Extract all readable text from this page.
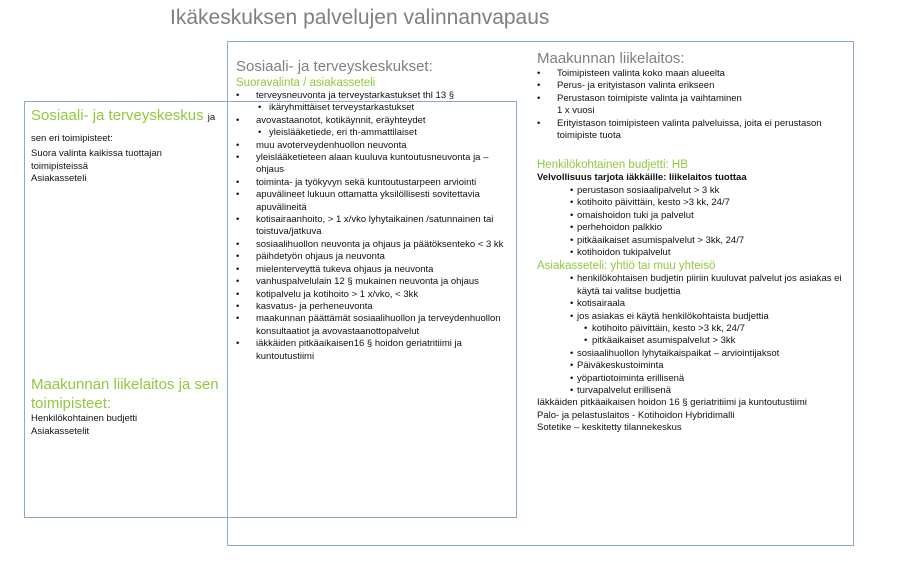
Ikäkeskuksen palvelujen valinnanvapaus
Sosiaali- ja terveyskeskus ja sen eri toimipisteet:
Suora valinta kaikissa tuottajan toimipisteissä
Asiakasseteli
Maakunnan liikelaitos ja sen toimipisteet:
Henkilökohtainen budjetti
Asiakassetelit
Sosiaali- ja terveyskeskukset:
Suoravalinta / asiakasseteli
• terveysneuvonta ja terveystarkastukset thl 13 §
• ikäryhmittäiset terveystarkastukset
• avovastaanotot, kotikäynnit, eräyhteydet
• yleislääketiede, eri th-ammattilaiset
• muu avoterveydenhuollon neuvonta
• yleislääketieteen alaan kuuluva kuntoutusneuvonta ja –ohjaus
• toiminta- ja työkyvyn sekä kuntoutustarpeen arviointi
• apuvälineet lukuun ottamatta yksilöllisesti sovitettavia apuvälineitä
• kotisairaanhoito, > 1 x/vko lyhytaikainen /satunnainen tai toistuva/jatkuva
• sosiaalihuollon neuvonta ja ohjaus ja päätöksenteko < 3 kk
• päihdetyön ohjaus ja neuvonta
• mielenterveyttä tukeva ohjaus ja neuvonta
• vanhuspalvelulain 12 § mukainen neuvonta ja ohjaus
• kotipalvelu ja kotihoito > 1 x/vko, < 3kk
• kasvatus- ja perheneuvonta
• maakunnan päättämät sosiaalihuollon ja terveydenhuollon konsultaatiot ja avovastaanottopalvelut
• iäkkäiden pitkäaikaisen16 § hoidon geriatritiimi ja kuntoutustiimi
Maakunnan liikelaitos:
• Toimipisteen valinta koko maan alueelta
• Perus- ja erityistason valinta erikseen
• Perustason toimipiste valinta ja vaihtaminen
1 x vuosi
• Erityistason toimipisteen valinta palveluissa, joita ei perustason toimipiste tuota
Henkilökohtainen budjetti: HB
Velvollisuus tarjota iäkkäille: liikelaitos tuottaa
• perustason sosiaalipalvelut > 3 kk
• kotihoito päivittäin, kesto >3 kk, 24/7
• omaishoidon tuki ja palvelut
• perhehoidon palkkio
• pitkäaikaiset asumispalvelut > 3kk, 24/7
• kotihoidon tukipalvelut
Asiakasseteli: yhtiö tai muu yhteisö
• henkilökohtaisen budjetin piiriin kuuluvat palvelut jos asiakas ei käytä tai valitse budjettia
• kotisairaala
• jos asiakas ei käytä henkilökohtaista budjettia
• kotihoito päivittäin, kesto >3 kk, 24/7
• pitkäaikaiset asumispalvelut > 3kk
• sosiaalihuollon lyhytaikaispaikat – arviointijaksot
• Päiväkeskustoiminta
• yöpartiotoiminta erillisenä
• turvapalvelut erillisenä
Iäkkäiden pitkäaikaisen hoidon 16 § geriatritiimi ja kuntoutustiimi
Palo- ja pelastuslaitos - Kotihoidon Hybridimalli
Sotetike – keskitetty tilannekeskus
